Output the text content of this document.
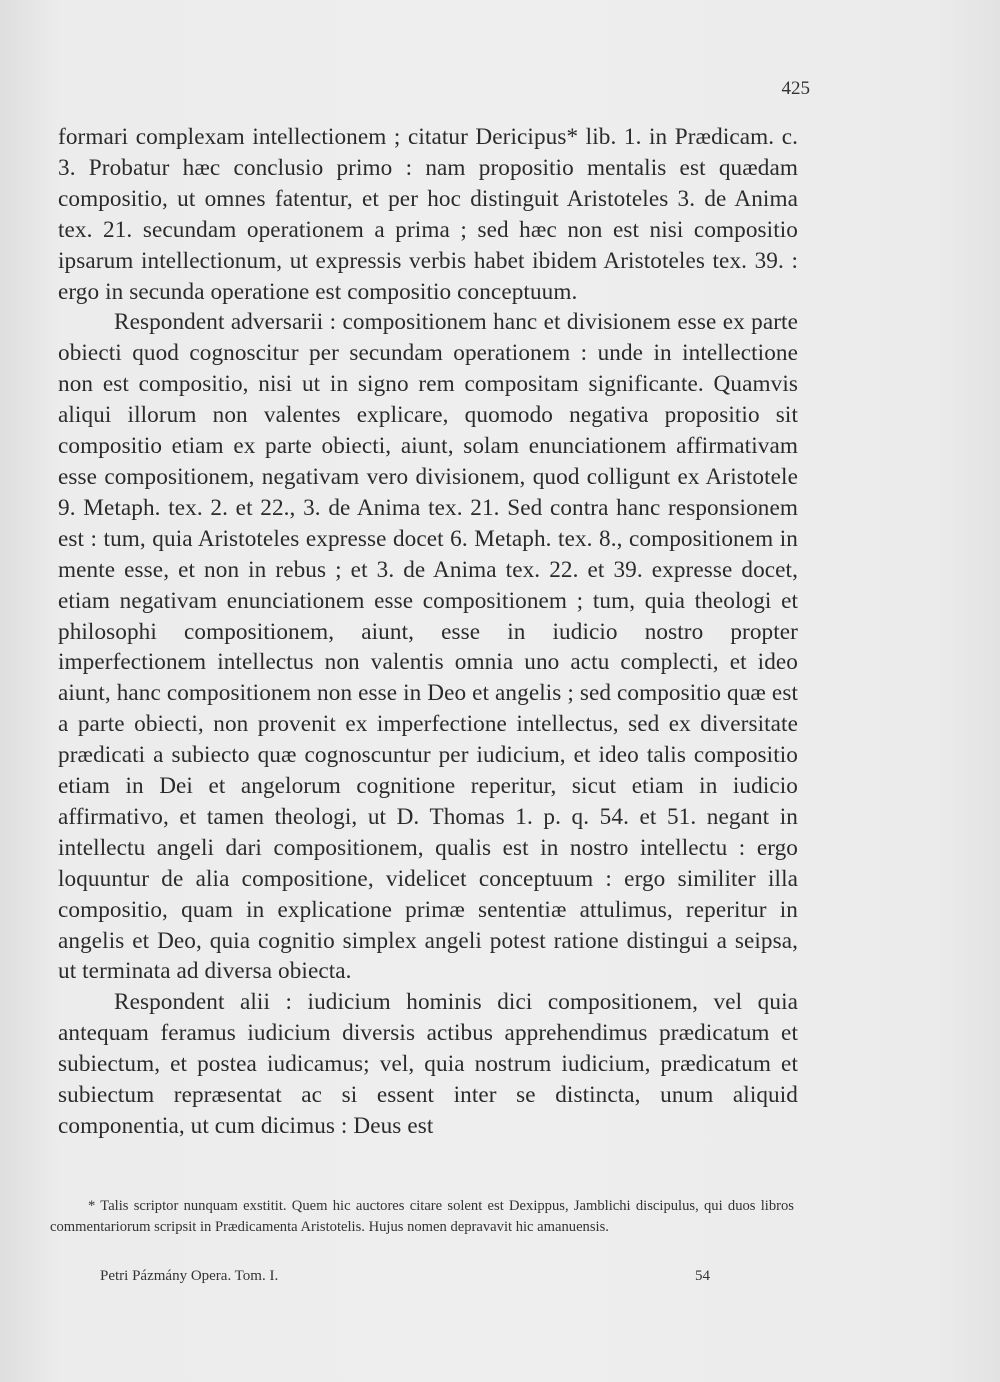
425

formari complexam intellectionem ; citatur Dericipus* lib. 1. in Prædicam. c. 3. Probatur hæc conclusio primo : nam propositio mentalis est quædam compositio, ut omnes fatentur, et per hoc distinguit Aristoteles 3. de Anima tex. 21. secundam operationem a prima ; sed hæc non est nisi compositio ipsarum intellectionum, ut expressis verbis habet ibidem Aristoteles tex. 39. : ergo in secunda operatione est compositio conceptuum.

Respondent adversarii : compositionem hanc et divisionem esse ex parte obiecti quod cognoscitur per secundam operationem : unde in intellectione non est compositio, nisi ut in signo rem compositam significante. Quamvis aliqui illorum non valentes explicare, quomodo negativa propositio sit compositio etiam ex parte obiecti, aiunt, solam enunciationem affirmativam esse compositionem, negativam vero divisionem, quod colligunt ex Aristotele 9. Metaph. tex. 2. et 22., 3. de Anima tex. 21. Sed contra hanc responsionem est : tum, quia Aristoteles expresse docet 6. Metaph. tex. 8., compositionem in mente esse, et non in rebus ; et 3. de Anima tex. 22. et 39. expresse docet, etiam negativam enunciationem esse compositionem ; tum, quia theologi et philosophi compositionem, aiunt, esse in iudicio nostro propter imperfectionem intellectus non valentis omnia uno actu complecti, et ideo aiunt, hanc compositionem non esse in Deo et angelis ; sed compositio quæ est a parte obiecti, non provenit ex imperfectione intellectus, sed ex diversitate prædicati a subiecto quæ cognoscuntur per iudicium, et ideo talis compositio etiam in Dei et angelorum cognitione reperitur, sicut etiam in iudicio affirmativo, et tamen theologi, ut D. Thomas 1. p. q. 54. et 51. negant in intellectu angeli dari compositionem, qualis est in nostro intellectu : ergo loquuntur de alia compositione, videlicet conceptuum : ergo similiter illa compositio, quam in explicatione primæ sententiæ attulimus, reperitur in angelis et Deo, quia cognitio simplex angeli potest ratione distingui a seipsa, ut terminata ad diversa obiecta.

Respondent alii : iudicium hominis dici compositionem, vel quia antequam feramus iudicium diversis actibus apprehendimus prædicatum et subiectum, et postea iudicamus; vel, quia nostrum iudicium, prædicatum et subiectum repræsentat ac si essent inter se distincta, unum aliquid componentia, ut cum dicimus : Deus est

* Talis scriptor nunquam exstitit. Quem hic auctores citare solent est Dexippus, Jamblichi discipulus, qui duos libros commentariorum scripsit in Prædicamenta Aristotelis. Hujus nomen depravavit hic amanuensis.
Petri Pázmány Opera. Tom. I.	54
